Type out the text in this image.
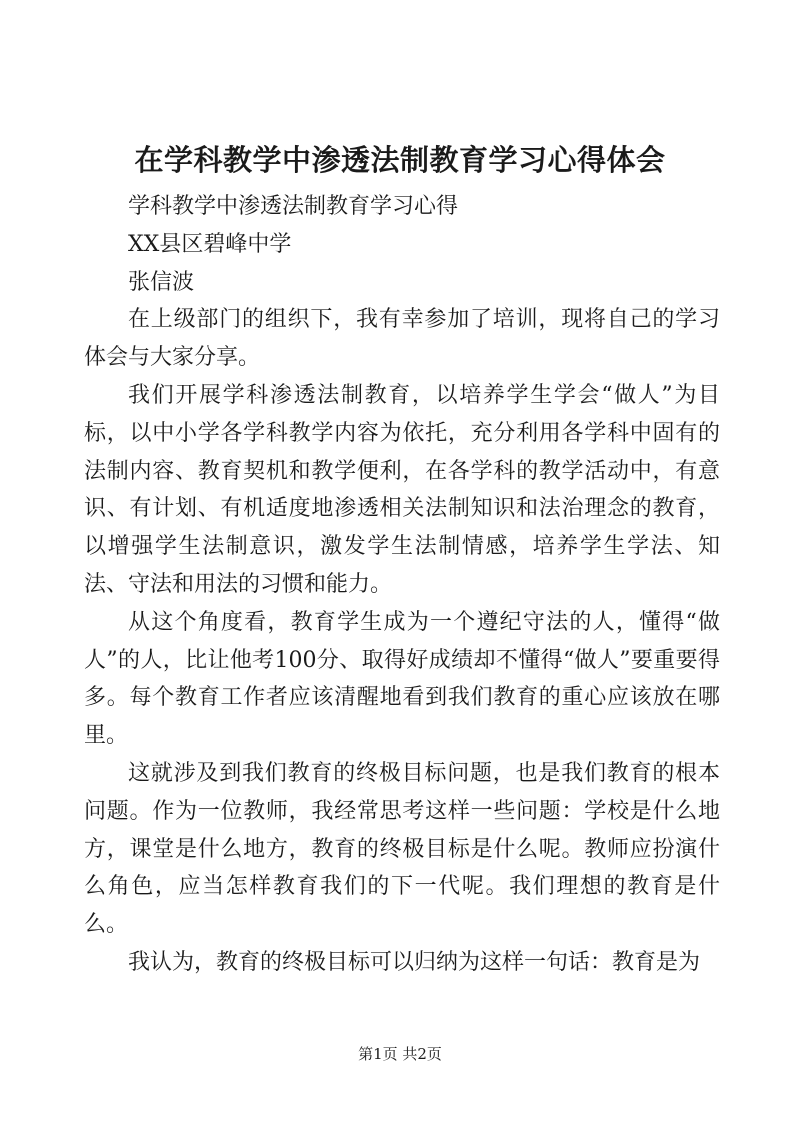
在学科教学中渗透法制教育学习心得体会

学科教学中渗透法制教育学习心得

XX县区碧峰中学

张信波

在上级部门的组织下，我有幸参加了培训，现将自己的学习体会与大家分享。

我们开展学科渗透法制教育，以培养学生学会“做人”为目标，以中小学各学科教学内容为依托，充分利用各学科中固有的法制内容、教育契机和教学便利，在各学科的教学活动中，有意识、有计划、有机适度地渗透相关法制知识和法治理念的教育，以增强学生法制意识，激发学生法制情感，培养学生学法、知法、守法和用法的习惯和能力。

从这个角度看，教育学生成为一个遵纪守法的人，懂得“做人”的人，比让他考100分、取得好成绩却不懂得“做人”要重要得多。每个教育工作者应该清醒地看到我们教育的重心应该放在哪里。

这就涉及到我们教育的终极目标问题，也是我们教育的根本问题。作为一位教师，我经常思考这样一些问题：学校是什么地方，课堂是什么地方，教育的终极目标是什么呢。教师应扮演什么角色，应当怎样教育我们的下一代呢。我们理想的教育是什么。

我认为，教育的终极目标可以归纳为这样一句话：教育是为

第1页 共2页
